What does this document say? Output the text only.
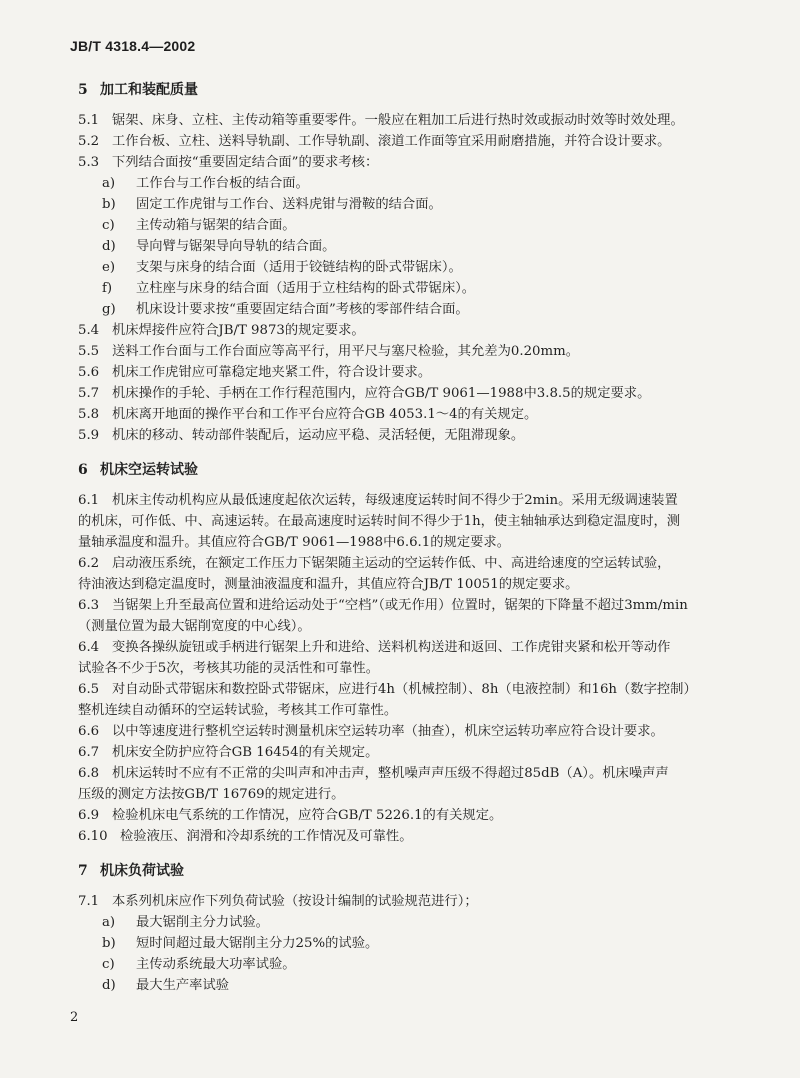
JB/T 4318.4—2002
5 加工和装配质量
5.1 锯架、床身、立柱、主传动箱等重要零件。一般应在粗加工后进行热时效或振动时效等时效处理。
5.2 工作台板、立柱、送料导轨副、工作导轨副、滚道工作面等宜采用耐磨措施，并符合设计要求。
5.3 下列结合面按“重要固定结合面”的要求考核：
a) 工作台与工作台板的结合面。
b) 固定工作虎钳与工作台、送料虎钳与滑鞍的结合面。
c) 主传动箱与锯架的结合面。
d) 导向臂与锯架导向导轨的结合面。
e) 支架与床身的结合面（适用于铰链结构的卧式带锯床）。
f) 立柱座与床身的结合面（适用于立柱结构的卧式带锯床）。
g) 机床设计要求按“重要固定结合面”考核的零部件结合面。
5.4 机床焊接件应符合JB/T 9873的规定要求。
5.5 送料工作台面与工作台面应等高平行，用平尺与塞尺检验，其允差为0.20mm。
5.6 机床工作虎钳应可靠稳定地夹紧工件，符合设计要求。
5.7 机床操作的手轮、手柄在工作行程范围内，应符合GB/T 9061—1988中3.8.5的规定要求。
5.8 机床离开地面的操作平台和工作平台应符合GB 4053.1～4的有关规定。
5.9 机床的移动、转动部件装配后，运动应平稳、灵活轻便，无阻滞现象。
6 机床空运转试验
6.1 机床主传动机构应从最低速度起依次运转，每级速度运转时间不得少于2min。采用无级调速装置
的机床，可作低、中、高速运转。在最高速度时运转时间不得少于1h，使主轴轴承达到稳定温度时，测
量轴承温度和温升。其值应符合GB/T 9061—1988中6.6.1的规定要求。
6.2 启动液压系统，在额定工作压力下锯架随主运动的空运转作低、中、高进给速度的空运转试验，
待油液达到稳定温度时，测量油液温度和温升，其值应符合JB/T 10051的规定要求。
6.3 当锯架上升至最高位置和进给运动处于“空档”（或无作用）位置时，锯架的下降量不超过3mm/min
（测量位置为最大锯削宽度的中心线）。
6.4 变换各操纵旋钮或手柄进行锯架上升和进给、送料机构送进和返回、工作虎钳夹紧和松开等动作
试验各不少于5次，考核其功能的灵活性和可靠性。
6.5 对自动卧式带锯床和数控卧式带锯床，应进行4h（机械控制）、8h（电液控制）和16h（数字控制）
整机连续自动循环的空运转试验，考核其工作可靠性。
6.6 以中等速度进行整机空运转时测量机床空运转功率（抽查），机床空运转功率应符合设计要求。
6.7 机床安全防护应符合GB 16454的有关规定。
6.8 机床运转时不应有不正常的尖叫声和冲击声，整机噪声声压级不得超过85dB（A）。机床噪声声
压级的测定方法按GB/T 16769的规定进行。
6.9 检验机床电气系统的工作情况，应符合GB/T 5226.1的有关规定。
6.10 检验液压、润滑和冷却系统的工作情况及可靠性。
7 机床负荷试验
7.1 本系列机床应作下列负荷试验（按设计编制的试验规范进行）；
a) 最大锯削主分力试验。
b) 短时间超过最大锯削主分力25%的试验。
c) 主传动系统最大功率试验。
d) 最大生产率试验
2
